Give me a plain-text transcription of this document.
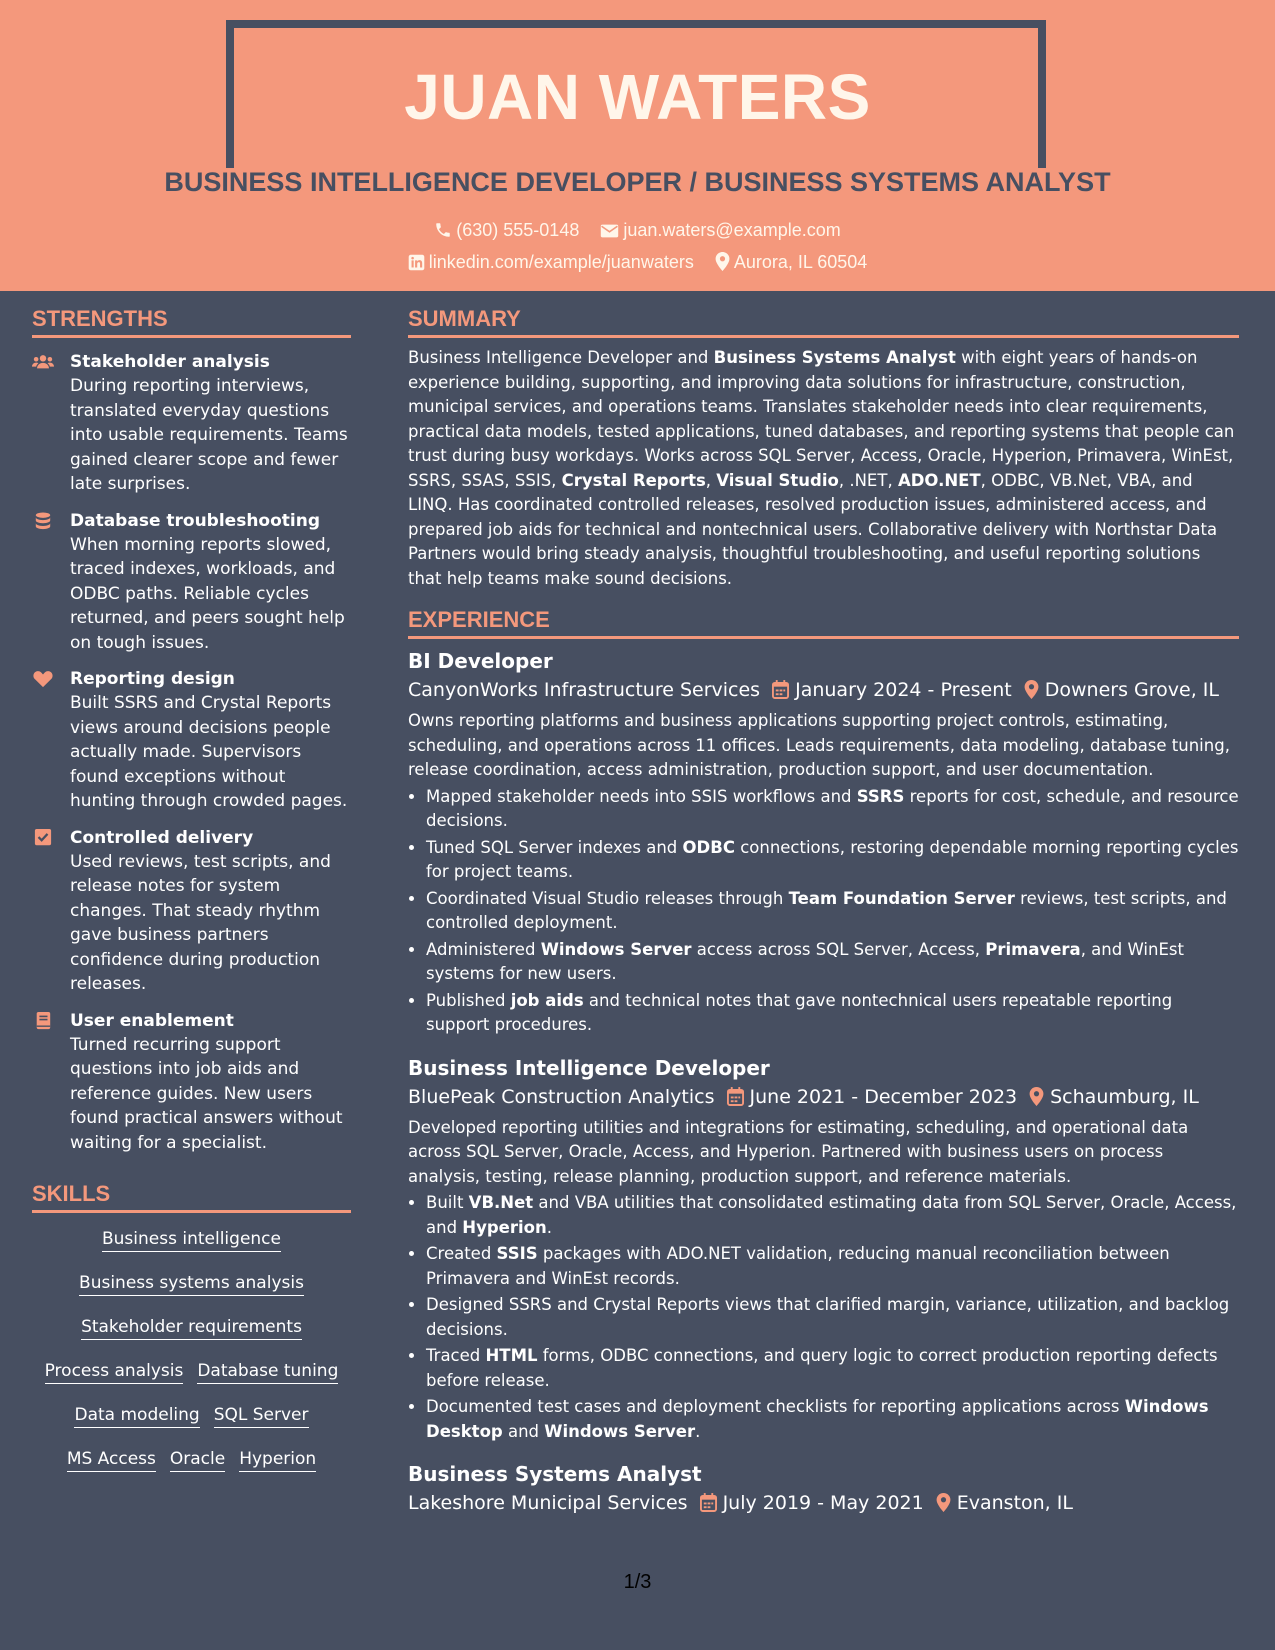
JUAN WATERS
BUSINESS INTELLIGENCE DEVELOPER / BUSINESS SYSTEMS ANALYST
(630) 555-0148 juan.waters@example.com
linkedin.com/example/juanwaters Aurora, IL 60504
STRENGTHS
Stakeholder analysis
During reporting interviews, translated everyday questions into usable requirements. Teams gained clearer scope and fewer late surprises.
Database troubleshooting
When morning reports slowed, traced indexes, workloads, and ODBC paths. Reliable cycles returned, and peers sought help on tough issues.
Reporting design
Built SSRS and Crystal Reports views around decisions people actually made. Supervisors found exceptions without hunting through crowded pages.
Controlled delivery
Used reviews, test scripts, and release notes for system changes. That steady rhythm gave business partners confidence during production releases.
User enablement
Turned recurring support questions into job aids and reference guides. New users found practical answers without waiting for a specialist.
SKILLS
Business intelligence
Business systems analysis
Stakeholder requirements
Process analysis Database tuning
Data modeling SQL Server
MS Access Oracle Hyperion
SUMMARY
Business Intelligence Developer and Business Systems Analyst with eight years of hands-on experience building, supporting, and improving data solutions for infrastructure, construction, municipal services, and operations teams. Translates stakeholder needs into clear requirements, practical data models, tested applications, tuned databases, and reporting systems that people can trust during busy workdays. Works across SQL Server, Access, Oracle, Hyperion, Primavera, WinEst, SSRS, SSAS, SSIS, Crystal Reports, Visual Studio, .NET, ADO.NET, ODBC, VB.Net, VBA, and LINQ. Has coordinated controlled releases, resolved production issues, administered access, and prepared job aids for technical and nontechnical users. Collaborative delivery with Northstar Data Partners would bring steady analysis, thoughtful troubleshooting, and useful reporting solutions that help teams make sound decisions.
EXPERIENCE
BI Developer
CanyonWorks Infrastructure Services January 2024 - Present Downers Grove, IL
Owns reporting platforms and business applications supporting project controls, estimating, scheduling, and operations across 11 offices. Leads requirements, data modeling, database tuning, release coordination, access administration, production support, and user documentation.
• Mapped stakeholder needs into SSIS workflows and SSRS reports for cost, schedule, and resource decisions.
• Tuned SQL Server indexes and ODBC connections, restoring dependable morning reporting cycles for project teams.
• Coordinated Visual Studio releases through Team Foundation Server reviews, test scripts, and controlled deployment.
• Administered Windows Server access across SQL Server, Access, Primavera, and WinEst systems for new users.
• Published job aids and technical notes that gave nontechnical users repeatable reporting support procedures.
Business Intelligence Developer
BluePeak Construction Analytics June 2021 - December 2023 Schaumburg, IL
Developed reporting utilities and integrations for estimating, scheduling, and operational data across SQL Server, Oracle, Access, and Hyperion. Partnered with business users on process analysis, testing, release planning, production support, and reference materials.
• Built VB.Net and VBA utilities that consolidated estimating data from SQL Server, Oracle, Access, and Hyperion.
• Created SSIS packages with ADO.NET validation, reducing manual reconciliation between Primavera and WinEst records.
• Designed SSRS and Crystal Reports views that clarified margin, variance, utilization, and backlog decisions.
• Traced HTML forms, ODBC connections, and query logic to correct production reporting defects before release.
• Documented test cases and deployment checklists for reporting applications across Windows Desktop and Windows Server.
Business Systems Analyst
Lakeshore Municipal Services July 2019 - May 2021 Evanston, IL
1/3
